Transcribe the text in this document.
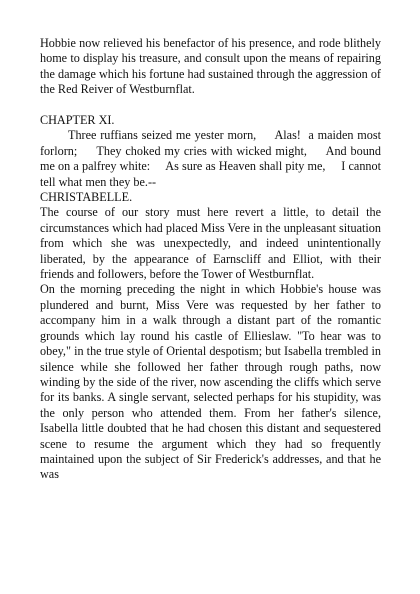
Hobbie now relieved his benefactor of his presence, and rode blithely home to display his treasure, and consult upon the means of repairing the damage which his fortune had sustained through the aggression of the Red Reiver of Westburnflat.

CHAPTER XI.

Three ruffians seized me yester morn,     Alas!  a maiden most forlorn;     They choked my cries with wicked might,     And bound me on a palfrey white:     As sure as Heaven shall pity me,     I cannot tell what men they be.--

CHRISTABELLE.

The course of our story must here revert a little, to detail the circumstances which had placed Miss Vere in the unpleasant situation from which she was unexpectedly, and indeed unintentionally liberated, by the appearance of Earnscliff and Elliot, with their friends and followers, before the Tower of Westburnflat.

On the morning preceding the night in which Hobbie's house was plundered and burnt, Miss Vere was requested by her father to accompany him in a walk through a distant part of the romantic grounds which lay round his castle of Ellieslaw. "To hear was to obey," in the true style of Oriental despotism; but Isabella trembled in silence while she followed her father through rough paths, now winding by the side of the river, now ascending the cliffs which serve for its banks. A single servant, selected perhaps for his stupidity, was the only person who attended them. From her father's silence, Isabella little doubted that he had chosen this distant and sequestered scene to resume the argument which they had so frequently maintained upon the subject of Sir Frederick's addresses, and that he was
